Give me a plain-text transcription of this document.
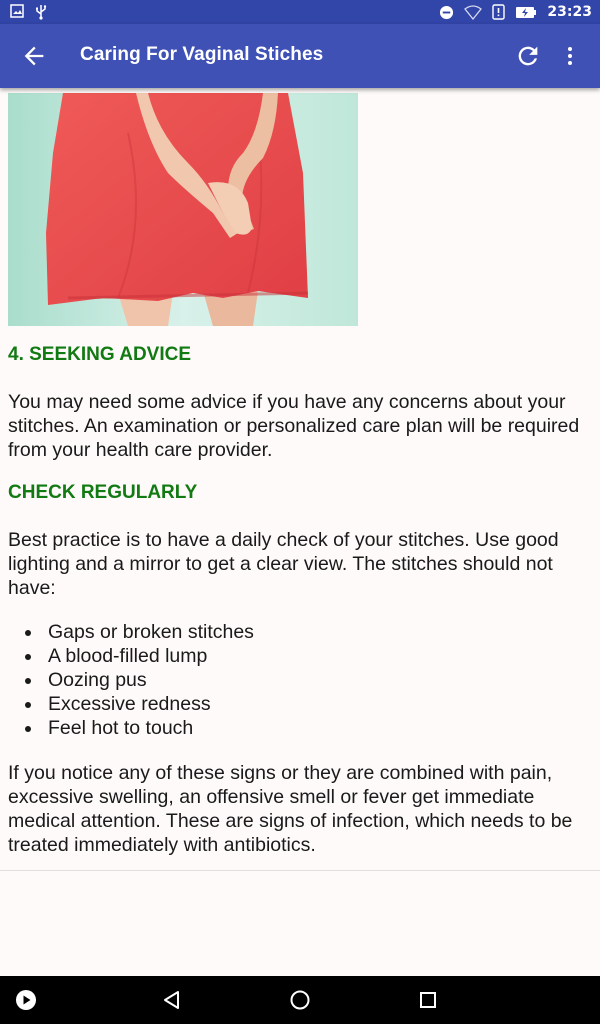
23:23
Caring For Vaginal Stiches
4. SEEKING ADVICE

You may need some advice if you have any concerns about your stitches. An examination or personalized care plan will be required from your health care provider.

CHECK REGULARLY

Best practice is to have a daily check of your stitches. Use good lighting and a mirror to get a clear view. The stitches should not have:

Gaps or broken stitches
A blood-filled lump
Oozing pus
Excessive redness
Feel hot to touch

If you notice any of these signs or they are combined with pain, excessive swelling, an offensive smell or fever get immediate medical attention. These are signs of infection, which needs to be treated immediately with antibiotics.
